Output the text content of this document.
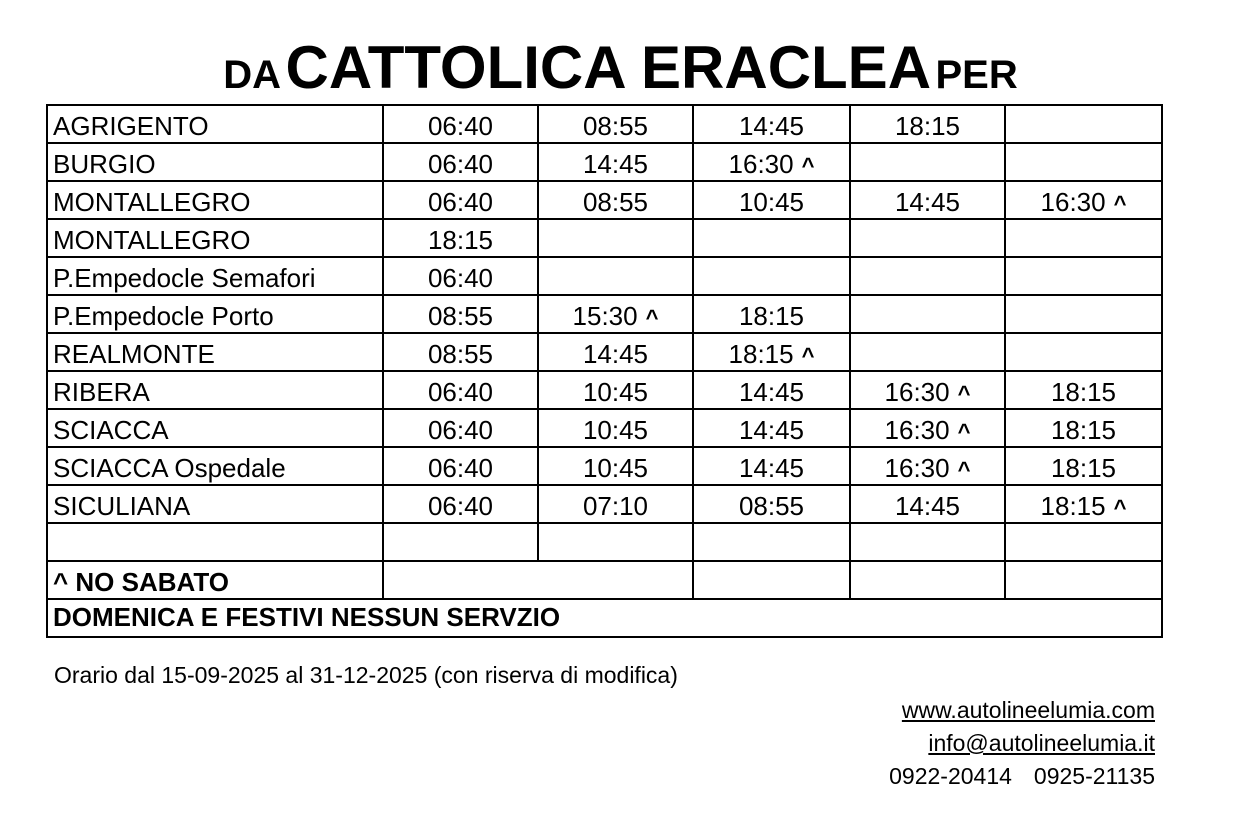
DA CATTOLICA ERACLEA PER
AGRIGENTO	06:40	08:55	14:45	18:15	
BURGIO	06:40	14:45	16:30 ^		
MONTALLEGRO	06:40	08:55	10:45	14:45	16:30 ^
MONTALLEGRO	18:15				
P.Empedocle Semafori	06:40				
P.Empedocle Porto	08:55	15:30 ^	18:15		
REALMONTE	08:55	14:45	18:15 ^		
RIBERA	06:40	10:45	14:45	16:30 ^	18:15
SCIACCA	06:40	10:45	14:45	16:30 ^	18:15
SCIACCA Ospedale	06:40	10:45	14:45	16:30 ^	18:15
SICULIANA	06:40	07:10	08:55	14:45	18:15 ^

^ NO SABATO					
DOMENICA E FESTIVI NESSUN SERVZIO					
Orario dal 15-09-2025 al 31-12-2025 (con riserva di modifica)
www.autolineelumia.com
info@autolineelumia.it
0922-20414 0925-21135
